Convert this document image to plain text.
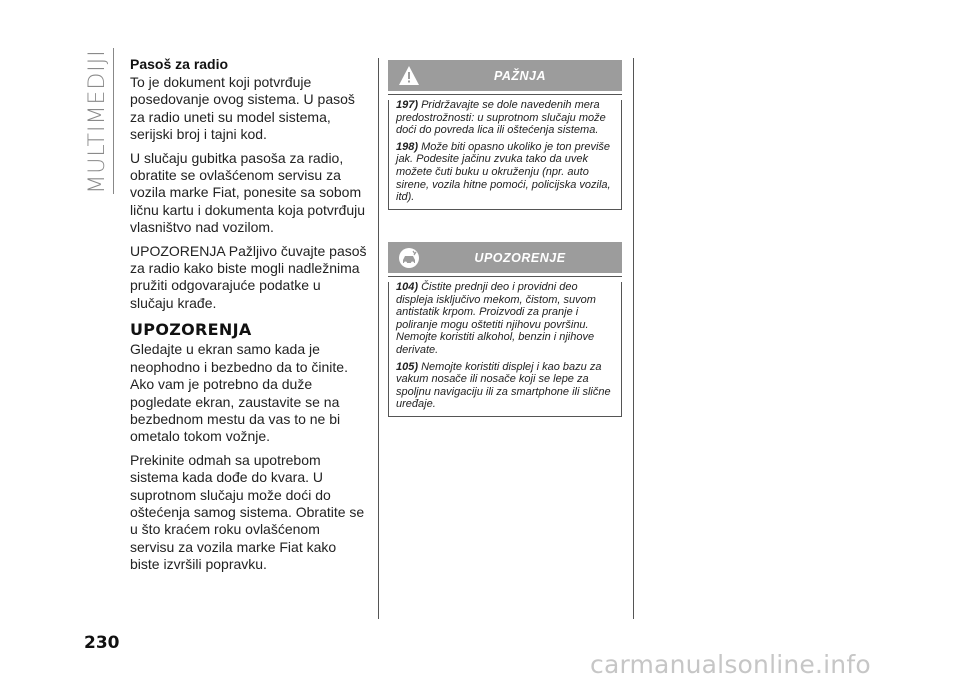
MULTIMEDIJI Pasoš za radio

To je dokument koji potvrđuje posedovanje ovog sistema. U pasoš za radio uneti su model sistema, serijski broj i tajni kod.

U slučaju gubitka pasoša za radio, obratite se ovlašćenom servisu za vozila marke Fiat, ponesite sa sobom ličnu kartu i dokumenta koja potvrđuju vlasništvo nad vozilom.

UPOZORENJA Pažljivo čuvajte pasoš za radio kako biste mogli nadležnima pružiti odgovarajuće podatke u slučaju krađe.

UPOZORENJA

Gledajte u ekran samo kada je neophodno i bezbedno da to činite. Ako vam je potrebno da duže pogledate ekran, zaustavite se na bezbednom mestu da vas to ne bi ometalo tokom vožnje.

Prekinite odmah sa upotrebom sistema kada dođe do kvara. U suprotnom slučaju može doći do oštećenja samog sistema. Obratite se u što kraćem roku ovlašćenom servisu za vozila marke Fiat kako biste izvršili popravku.

PAŽNJA

197) Pridržavajte se dole navedenih mera predostrožnosti: u suprotnom slučaju može doći do povreda lica ili oštećenja sistema.

198) Može biti opasno ukoliko je ton previše jak. Podesite jačinu zvuka tako da uvek možete čuti buku u okruženju (npr. auto sirene, vozila hitne pomoći, policijska vozila, itd).

UPOZORENJE

104) Čistite prednji deo i providni deo displeja isključivo mekom, čistom, suvom antistatik krpom. Proizvodi za pranje i poliranje mogu oštetiti njihovu površinu. Nemojte koristiti alkohol, benzin i njihove derivate.

105) Nemojte koristiti displej i kao bazu za vakum nosače ili nosače koji se lepe za spoljnu navigaciju ili za smartphone ili slične uređaje.

230
carmanualsonline.info
